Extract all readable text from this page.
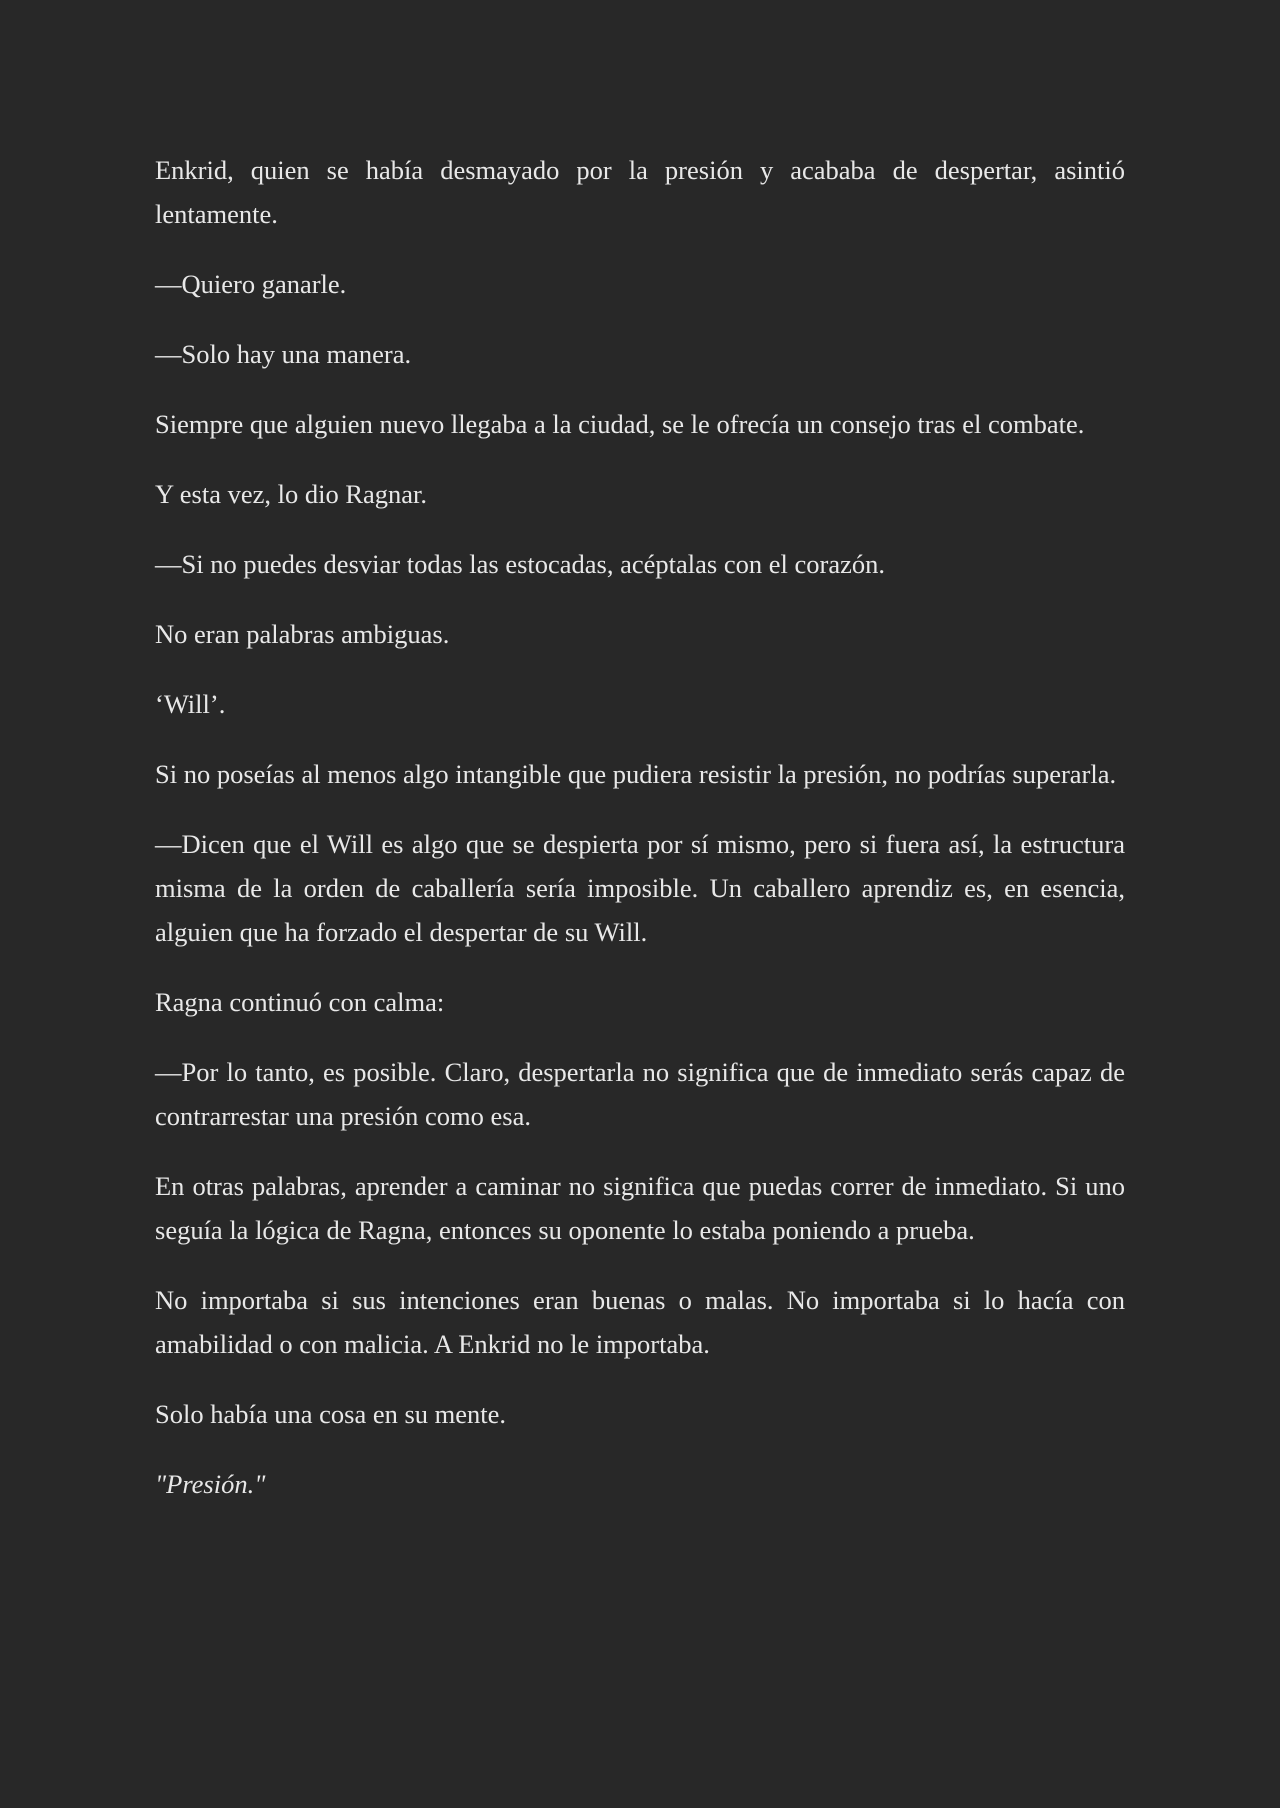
Enkrid, quien se había desmayado por la presión y acababa de despertar, asintió lentamente.

—Quiero ganarle.

—Solo hay una manera.

Siempre que alguien nuevo llegaba a la ciudad, se le ofrecía un consejo tras el combate.

Y esta vez, lo dio Ragnar.

—Si no puedes desviar todas las estocadas, acéptalas con el corazón.

No eran palabras ambiguas.

‘Will’.

Si no poseías al menos algo intangible que pudiera resistir la presión, no podrías superarla.

—Dicen que el Will es algo que se despierta por sí mismo, pero si fuera así, la estructura misma de la orden de caballería sería imposible. Un caballero aprendiz es, en esencia, alguien que ha forzado el despertar de su Will.

Ragna continuó con calma:

—Por lo tanto, es posible. Claro, despertarla no significa que de inmediato serás capaz de contrarrestar una presión como esa.

En otras palabras, aprender a caminar no significa que puedas correr de inmediato. Si uno seguía la lógica de Ragna, entonces su oponente lo estaba poniendo a prueba.

No importaba si sus intenciones eran buenas o malas. No importaba si lo hacía con amabilidad o con malicia. A Enkrid no le importaba.

Solo había una cosa en su mente.

"Presión."
